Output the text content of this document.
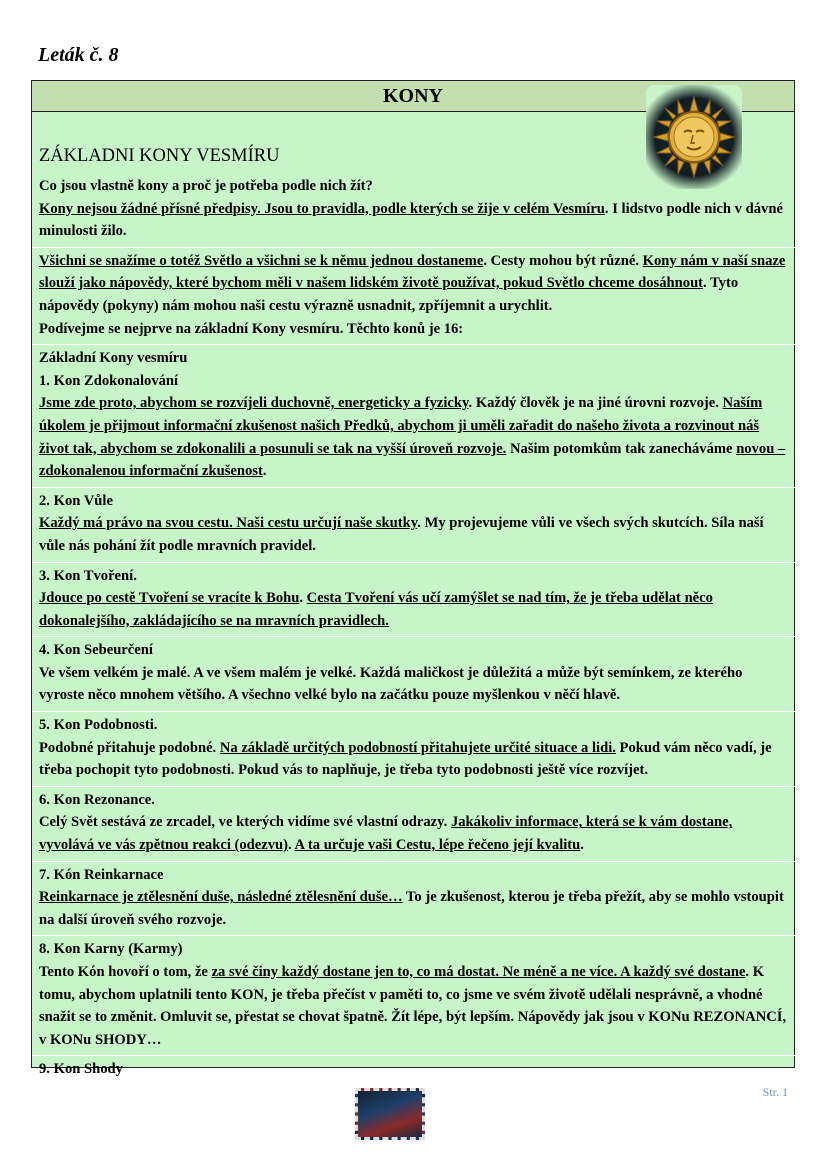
Leták č. 8
KONY
ZÁKLADNI KONY VESMÍRU

Co jsou vlastně kony a proč je potřeba podle nich žít?
Kony nejsou žádné přísné předpisy. Jsou to pravidla, podle kterých se žije v celém Vesmíru. I lidstvo podle nich v dávné minulosti žilo.

Všichni se snažíme o totéž Světlo a všichni se k němu jednou dostaneme. Cesty mohou být různé. Kony nám v naší snaze slouží jako nápovědy, které bychom měli v našem lidském životě používat, pokud Světlo chceme dosáhnout. Tyto nápovědy (pokyny) nám mohou naši cestu výrazně usnadnit, zpříjemnit a urychlit.
Podívejme se nejprve na základní Kony vesmíru. Těchto konů je 16:

Základní Kony vesmíru
1. Kon Zdokonalování
Jsme zde proto, abychom se rozvíjeli duchovně, energeticky a fyzicky. Každý člověk je na jiné úrovni rozvoje. Naším úkolem je přijmout informační zkušenost našich Předků, abychom ji uměli zařadit do našeho života a rozvinout náš život tak, abychom se zdokonalili a posunuli se tak na vyšší úroveň rozvoje. Našim potomkům tak zanecháváme novou – zdokonalenou informační zkušenost.

2. Kon Vůle
Každý má právo na svou cestu. Naši cestu určují naše skutky. My projevujeme vůli ve všech svých skutcích. Síla naší vůle nás pohání žít podle mravních pravidel.

3. Kon Tvoření.
Jdouce po cestě Tvoření se vracíte k Bohu. Cesta Tvoření vás učí zamýšlet se nad tím, že je třeba udělat něco dokonalejšího, zakládajícího se na mravních pravidlech.

4. Kon Sebeurčení
Ve všem velkém je malé. A ve všem malém je velké. Každá maličkost je důležitá a může být semínkem, ze kterého vyroste něco mnohem většího. A všechno velké bylo na začátku pouze myšlenkou v něčí hlavě.

5. Kon Podobnosti.
Podobné přitahuje podobné. Na základě určitých podobností přitahujete určité situace a lidi. Pokud vám něco vadí, je třeba pochopit tyto podobnosti. Pokud vás to naplňuje, je třeba tyto podobnosti ještě více rozvíjet.

6. Kon Rezonance.
Celý Svět sestává ze zrcadel, ve kterých vidíme své vlastní odrazy. Jakákoliv informace, která se k vám dostane, vyvolává ve vás zpětnou reakci (odezvu). A ta určuje vaši Cestu, lépe řečeno její kvalitu.

7. Kón Reinkarnace
Reinkarnace je ztělesnění duše, následné ztělesnění duše… To je zkušenost, kterou je třeba přežít, aby se mohlo vstoupit na další úroveň svého rozvoje.

8. Kon Karny (Karmy)
Tento Kón hovoří o tom, že za své činy každý dostane jen to, co má dostat. Ne méně a ne více. A každý své dostane. K tomu, abychom uplatnili tento KON, je třeba přečíst v paměti to, co jsme ve svém životě udělali nesprávně, a vhodné snažit se to změnit. Omluvit se, přestat se chovat špatně. Žít lépe, být lepším. Nápovědy jak jsou v KONu REZONANCÍ, v KONu SHODY…

9. Kon Shody

Str. 1
